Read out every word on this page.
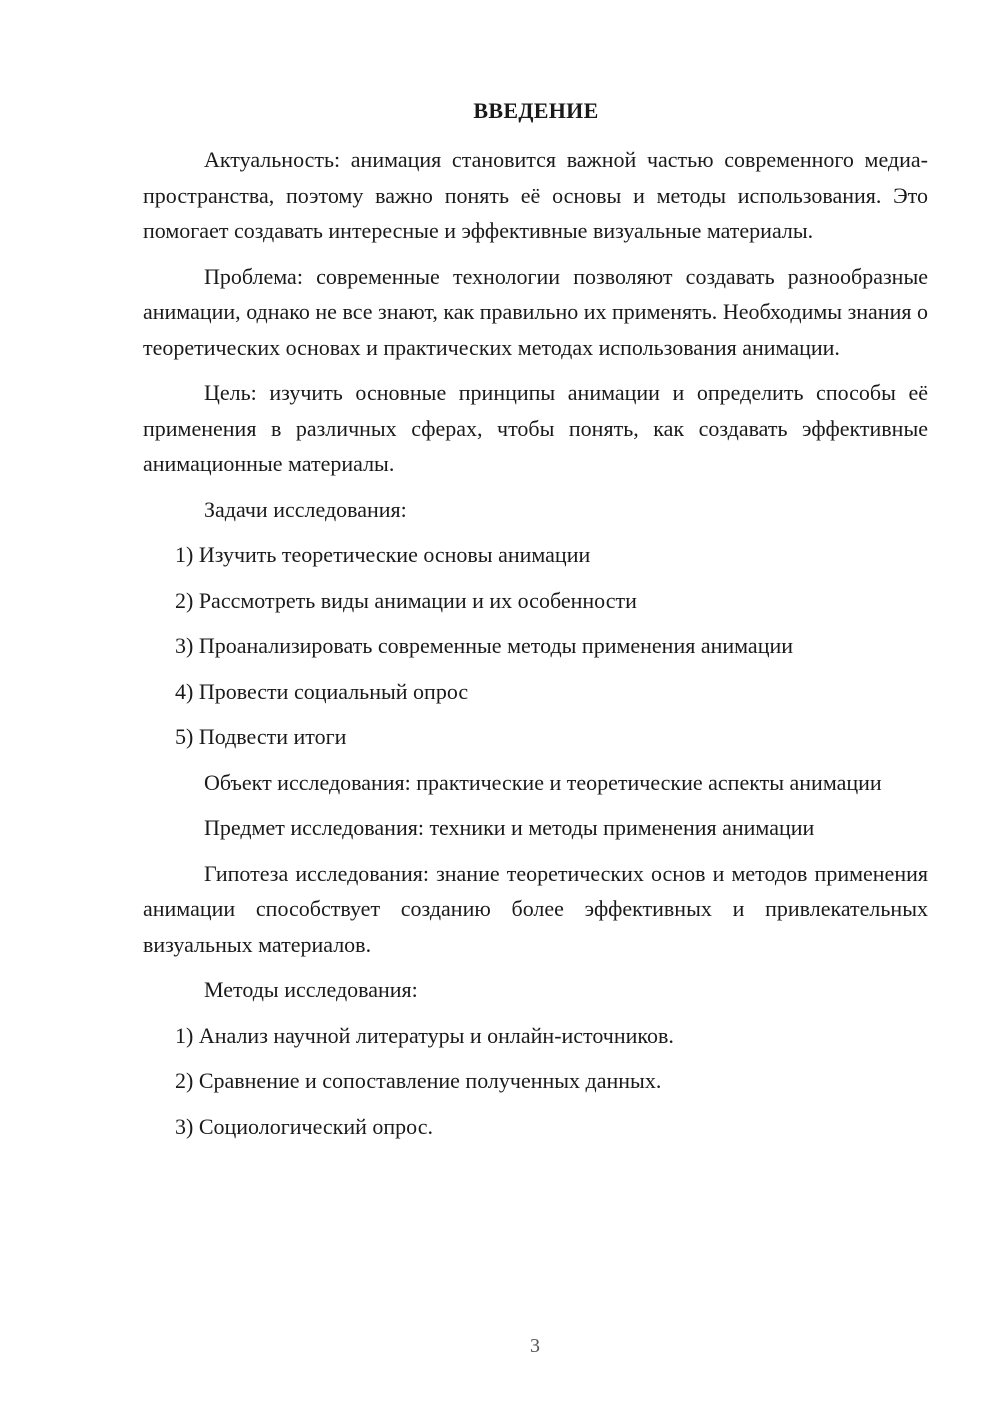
ВВЕДЕНИЕ

Актуальность: анимация становится важной частью современного медиа-пространства, поэтому важно понять её основы и методы использования. Это помогает создавать интересные и эффективные визуальные материалы.

Проблема: современные технологии позволяют создавать разнообразные анимации, однако не все знают, как правильно их применять. Необходимы знания о теоретических основах и практических методах использования анимации.

Цель: изучить основные принципы анимации и определить способы её применения в различных сферах, чтобы понять, как создавать эффективные анимационные материалы.

Задачи исследования:

1) Изучить теоретические основы анимации
2) Рассмотреть виды анимации и их особенности
3) Проанализировать современные методы применения анимации
4) Провести социальный опрос
5) Подвести итоги

Объект исследования: практические и теоретические аспекты анимации

Предмет исследования: техники и методы применения анимации

Гипотеза исследования: знание теоретических основ и методов применения анимации способствует созданию более эффективных и привлекательных визуальных материалов.

Методы исследования:

1) Анализ научной литературы и онлайн-источников.
2) Сравнение и сопоставление полученных данных.
3) Социологический опрос.
3
